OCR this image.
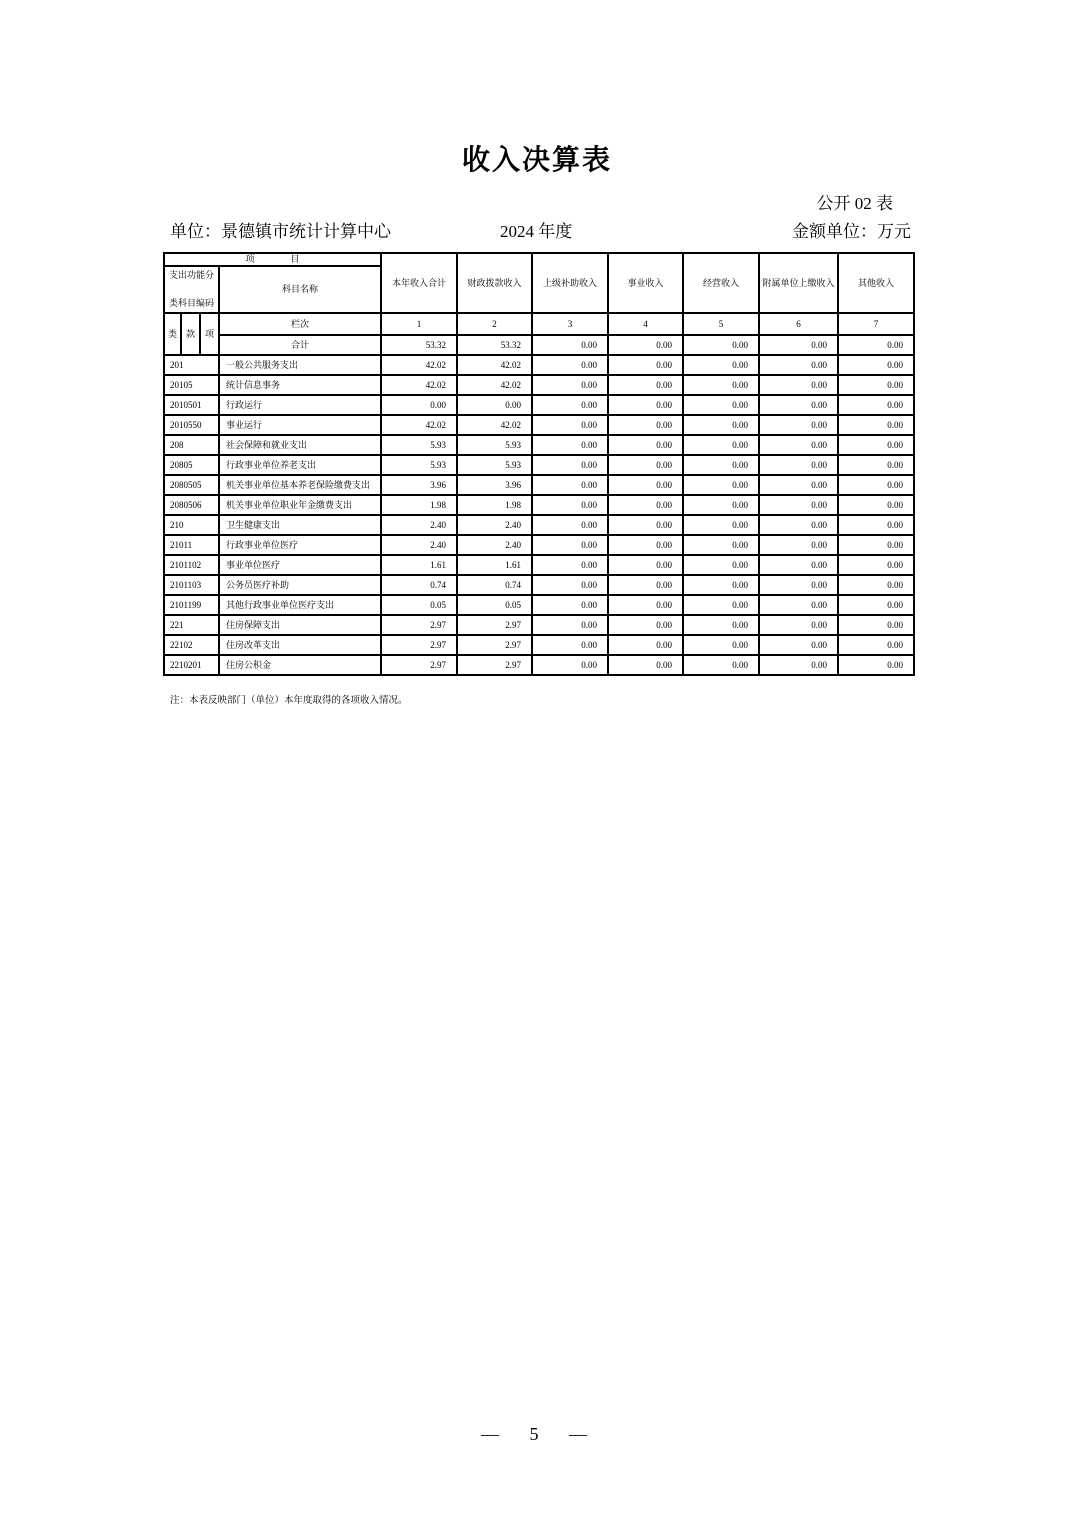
收入决算表
公开 02 表
单位：景德镇市统计计算中心	2024 年度	金额单位：万元
项　　　　目				本年收入合计	财政拨款收入	上级补助收入	事业收入	经营收入	附属单位上缴收入	其他收入

支出功能分
类科目编码			科目名称							
类	款	项	栏次	1	2	3	4	5	6	7
			合计	53.32	53.32	0.00	0.00	0.00	0.00	0.00
201			一般公共服务支出	42.02	42.02	0.00	0.00	0.00	0.00	0.00
20105			统计信息事务	42.02	42.02	0.00	0.00	0.00	0.00	0.00
2010501			行政运行	0.00	0.00	0.00	0.00	0.00	0.00	0.00
2010550			事业运行	42.02	42.02	0.00	0.00	0.00	0.00	0.00
208			社会保障和就业支出	5.93	5.93	0.00	0.00	0.00	0.00	0.00
20805			行政事业单位养老支出	5.93	5.93	0.00	0.00	0.00	0.00	0.00
2080505			机关事业单位基本养老保险缴费支出	3.96	3.96	0.00	0.00	0.00	0.00	0.00
2080506			机关事业单位职业年金缴费支出	1.98	1.98	0.00	0.00	0.00	0.00	0.00
210			卫生健康支出	2.40	2.40	0.00	0.00	0.00	0.00	0.00
21011			行政事业单位医疗	2.40	2.40	0.00	0.00	0.00	0.00	0.00
2101102			事业单位医疗	1.61	1.61	0.00	0.00	0.00	0.00	0.00
2101103			公务员医疗补助	0.74	0.74	0.00	0.00	0.00	0.00	0.00
2101199			其他行政事业单位医疗支出	0.05	0.05	0.00	0.00	0.00	0.00	0.00
221			住房保障支出	2.97	2.97	0.00	0.00	0.00	0.00	0.00
22102			住房改革支出	2.97	2.97	0.00	0.00	0.00	0.00	0.00
2210201			住房公积金	2.97	2.97	0.00	0.00	0.00	0.00	0.00
注：本表反映部门（单位）本年度取得的各项收入情况。
— 5 —
